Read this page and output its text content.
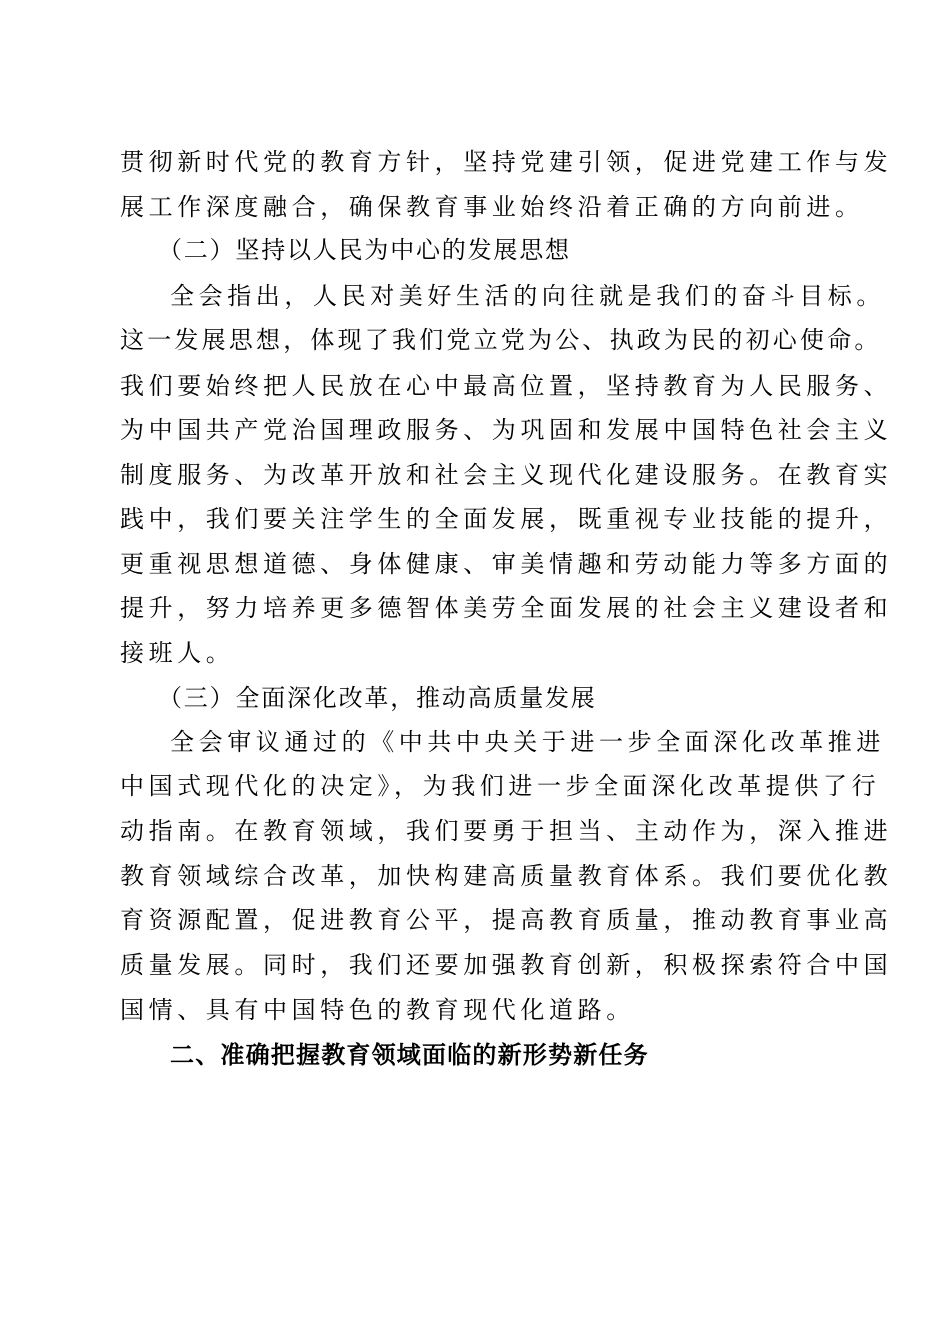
贯彻新时代党的教育方针，坚持党建引领，促进党建工作与发
展工作深度融合，确保教育事业始终沿着正确的方向前进。
（二）坚持以人民为中心的发展思想
全会指出，人民对美好生活的向往就是我们的奋斗目标。
这一发展思想，体现了我们党立党为公、执政为民的初心使命。
我们要始终把人民放在心中最高位置，坚持教育为人民服务、
为中国共产党治国理政服务、为巩固和发展中国特色社会主义
制度服务、为改革开放和社会主义现代化建设服务。在教育实
践中，我们要关注学生的全面发展，既重视专业技能的提升，
更重视思想道德、身体健康、审美情趣和劳动能力等多方面的
提升，努力培养更多德智体美劳全面发展的社会主义建设者和
接班人。
（三）全面深化改革，推动高质量发展
全会审议通过的《中共中央关于进一步全面深化改革推进
中国式现代化的决定》，为我们进一步全面深化改革提供了行
动指南。在教育领域，我们要勇于担当、主动作为，深入推进
教育领域综合改革，加快构建高质量教育体系。我们要优化教
育资源配置，促进教育公平，提高教育质量，推动教育事业高
质量发展。同时，我们还要加强教育创新，积极探索符合中国
国情、具有中国特色的教育现代化道路。
二、准确把握教育领域面临的新形势新任务
